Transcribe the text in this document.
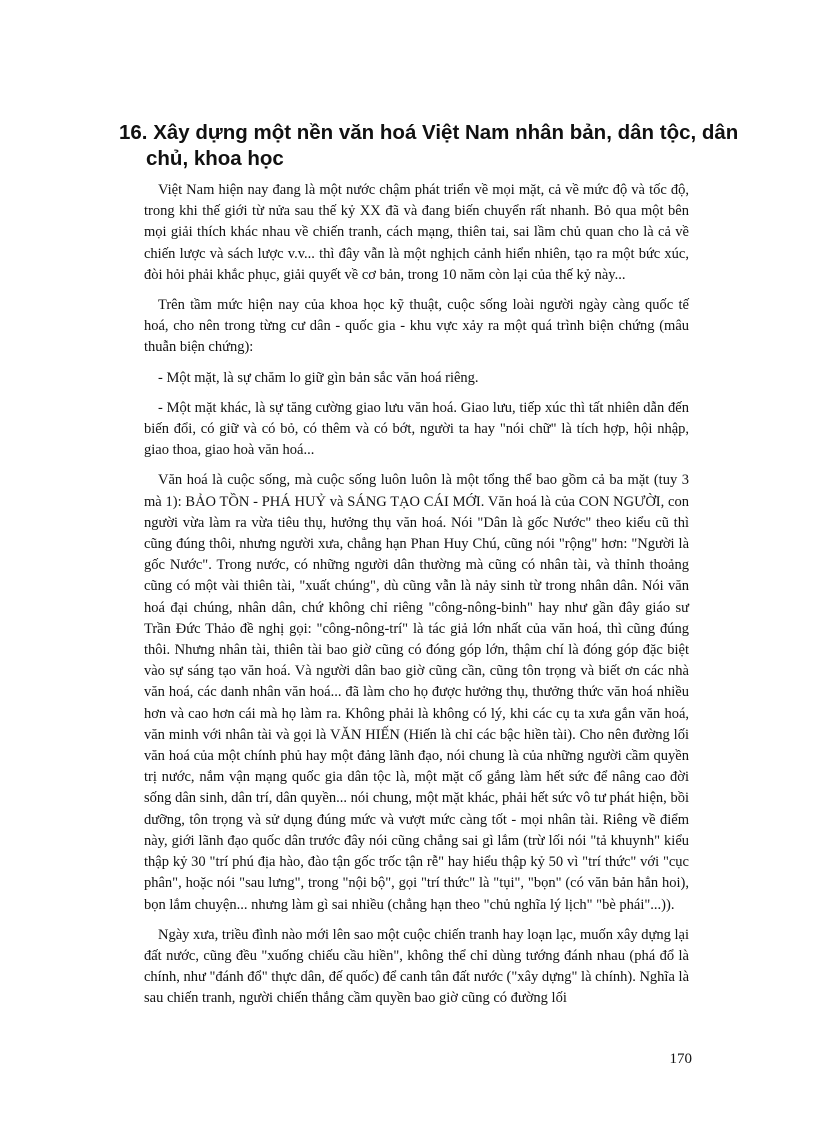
16. Xây dựng một nền văn hoá Việt Nam nhân bản, dân tộc, dân chủ, khoa học

Việt Nam hiện nay đang là một nước chậm phát triển về mọi mặt, cả về mức độ và tốc độ, trong khi thế giới từ nửa sau thế kỷ XX đã và đang biến chuyển rất nhanh. Bỏ qua một bên mọi giải thích khác nhau về chiến tranh, cách mạng, thiên tai, sai lầm chủ quan cho là cả về chiến lược và sách lược v.v... thì đây vẫn là một nghịch cảnh hiển nhiên, tạo ra một bức xúc, đòi hỏi phải khắc phục, giải quyết về cơ bản, trong 10 năm còn lại của thế kỷ này...

Trên tầm mức hiện nay của khoa học kỹ thuật, cuộc sống loài người ngày càng quốc tế hoá, cho nên trong từng cư dân - quốc gia - khu vực xảy ra một quá trình biện chứng (mâu thuẫn biện chứng):

- Một mặt, là sự chăm lo giữ gìn bản sắc văn hoá riêng.

- Một mặt khác, là sự tăng cường giao lưu văn hoá. Giao lưu, tiếp xúc thì tất nhiên dẫn đến biến đổi, có giữ và có bỏ, có thêm và có bớt, người ta hay "nói chữ" là tích hợp, hội nhập, giao thoa, giao hoà văn hoá...

Văn hoá là cuộc sống, mà cuộc sống luôn luôn là một tổng thể bao gồm cả ba mặt (tuy 3 mà 1): BẢO TỒN - PHÁ HUỶ và SÁNG TẠO CÁI MỚI. Văn hoá là của CON NGƯỜI, con người vừa làm ra vừa tiêu thụ, hưởng thụ văn hoá. Nói "Dân là gốc Nước" theo kiểu cũ thì cũng đúng thôi, nhưng người xưa, chẳng hạn Phan Huy Chú, cũng nói "rộng" hơn: "Người là gốc Nước". Trong nước, có những người dân thường mà cũng có nhân tài, và thỉnh thoảng cũng có một vài thiên tài, "xuất chúng", dù cũng vẫn là nảy sinh từ trong nhân dân. Nói văn hoá đại chúng, nhân dân, chứ không chỉ riêng "công-nông-binh" hay như gần đây giáo sư Trần Đức Thảo đề nghị gọi: "công-nông-trí" là tác giả lớn nhất của văn hoá, thì cũng đúng thôi. Nhưng nhân tài, thiên tài bao giờ cũng có đóng góp lớn, thậm chí là đóng góp đặc biệt vào sự sáng tạo văn hoá. Và người dân bao giờ cũng cần, cũng tôn trọng và biết ơn các nhà văn hoá, các danh nhân văn hoá... đã làm cho họ được hưởng thụ, thưởng thức văn hoá nhiều hơn và cao hơn cái mà họ làm ra. Không phải là không có lý, khi các cụ ta xưa gắn văn hoá, văn minh với nhân tài và gọi là VĂN HIẾN (Hiến là chỉ các bậc hiền tài). Cho nên đường lối văn hoá của một chính phủ hay một đảng lãnh đạo, nói chung là của những người cầm quyền trị nước, nắm vận mạng quốc gia dân tộc là, một mặt cố gắng làm hết sức để nâng cao đời sống dân sinh, dân trí, dân quyền... nói chung, một mặt khác, phải hết sức vô tư phát hiện, bồi dưỡng, tôn trọng và sử dụng đúng mức và vượt mức càng tốt - mọi nhân tài. Riêng về điểm này, giới lãnh đạo quốc dân trước đây nói cũng chẳng sai gì lắm (trừ lối nói "tả khuynh" kiểu thập kỷ 30 "trí phú địa hào, đào tận gốc trốc tận rễ" hay hiểu thập kỷ 50 vì "trí thức" với "cục phân", hoặc nói "sau lưng", trong "nội bộ", gọi "trí thức" là "tụi", "bọn" (có văn bản hẳn hoi), bọn lắm chuyện... nhưng làm gì sai nhiều (chẳng hạn theo "chủ nghĩa lý lịch" "bè phái"...)).

Ngày xưa, triều đình nào mới lên sao một cuộc chiến tranh hay loạn lạc, muốn xây dựng lại đất nước, cũng đều "xuống chiếu cầu hiền", không thể chỉ dùng tướng đánh nhau (phá đổ là chính, như "đánh đổ" thực dân, đế quốc) để canh tân đất nước ("xây dựng" là chính). Nghĩa là sau chiến tranh, người chiến thắng cầm quyền bao giờ cũng có đường lối

170
